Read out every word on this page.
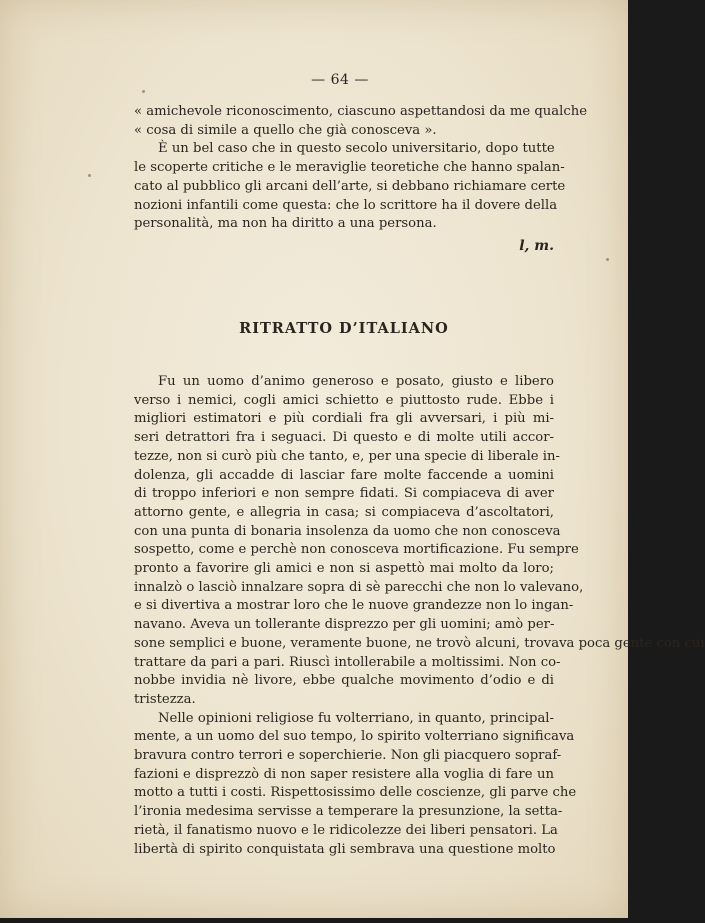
— 64 —
« amichevole riconoscimento, ciascuno aspettandosi da me qualche
« cosa di simile a quello che già conosceva ».
È un bel caso che in questo secolo universitario, dopo tutte
le scoperte critiche e le meraviglie teoretiche che hanno spalan-
cato al pubblico gli arcani dell’arte, si debbano richiamare certe
nozioni infantili come questa: che lo scrittore ha il dovere della
personalità, ma non ha diritto a una persona.
l, m.
RITRATTO D’ITALIANO
Fu un uomo d’animo generoso e posato, giusto e libero
verso i nemici, cogli amici schietto e piuttosto rude. Ebbe i
migliori estimatori e più cordiali fra gli avversari, i più mi-
seri detrattori fra i seguaci. Di questo e di molte utili accor-
tezze, non si curò più che tanto, e, per una specie di liberale in-
dolenza, gli accadde di lasciar fare molte faccende a uomini
di troppo inferiori e non sempre fidati. Si compiaceva di aver
attorno gente, e allegria in casa; si compiaceva d’ascoltatori,
con una punta di bonaria insolenza da uomo che non conosceva
sospetto, come e perchè non conosceva mortificazione. Fu sempre
pronto a favorire gli amici e non si aspettò mai molto da loro;
innalzò o lasciò innalzare sopra di sè parecchi che non lo valevano,
e si divertiva a mostrar loro che le nuove grandezze non lo ingan-
navano. Aveva un tollerante disprezzo per gli uomini; amò per-
sone semplici e buone, veramente buone, ne trovò alcuni, trovava poca gente con cui
trattare da pari a pari. Riuscì intollerabile a moltissimi. Non co-
nobbe invidia nè livore, ebbe qualche movimento d’odio e di
tristezza.
Nelle opinioni religiose fu volterriano, in quanto, principal-
mente, a un uomo del suo tempo, lo spirito volterriano significava
bravura contro terrori e soperchierie. Non gli piacquero sopraf-
fazioni e disprezzò di non saper resistere alla voglia di fare un
motto a tutti i costi. Rispettosissimo delle coscienze, gli parve che
l’ironia medesima servisse a temperare la presunzione, la setta-
rietà, il fanatismo nuovo e le ridicolezze dei liberi pensatori. La
libertà di spirito conquistata gli sembrava una questione molto
